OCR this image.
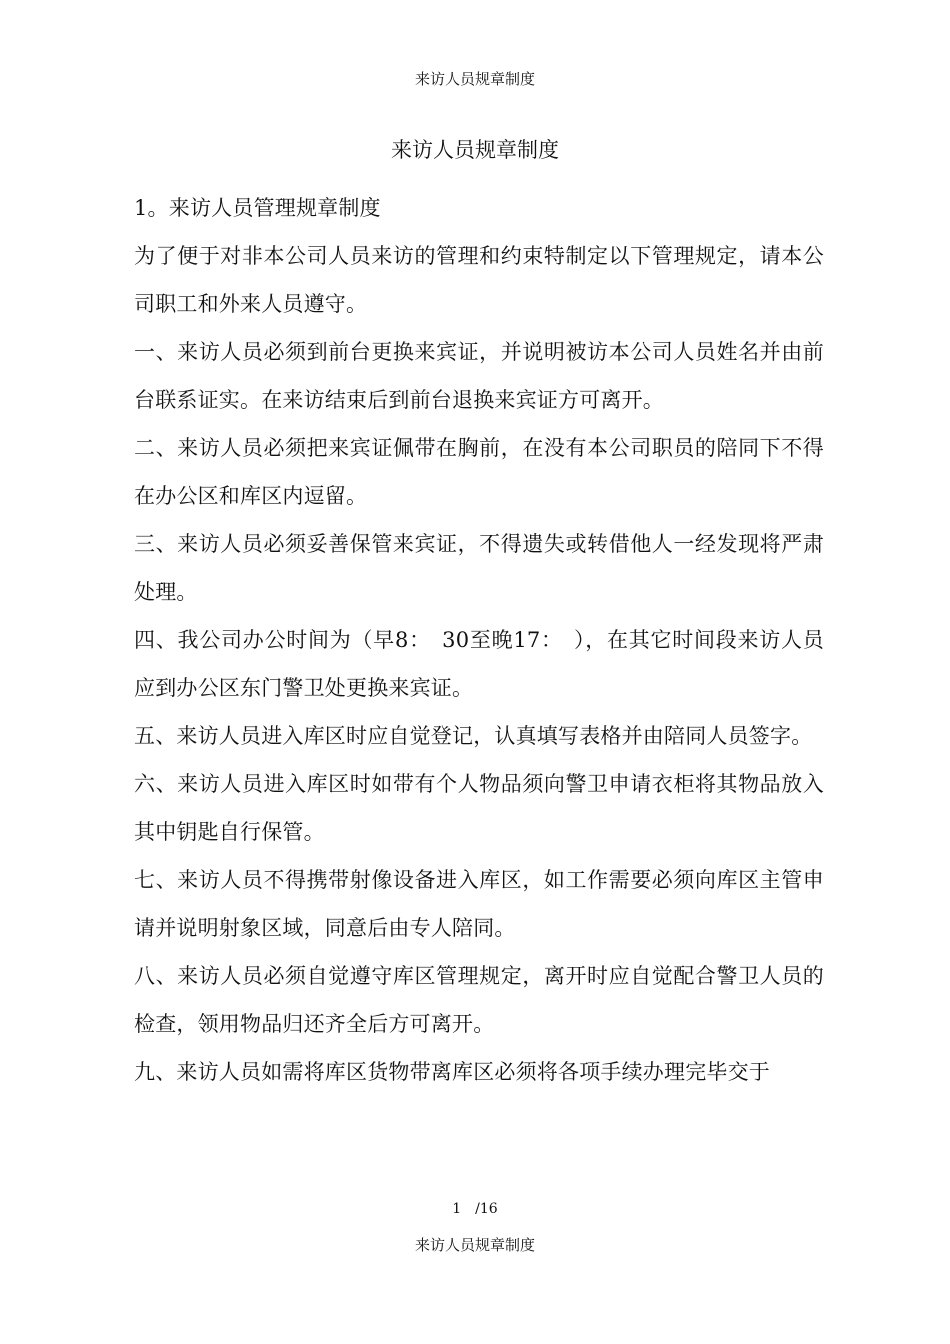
来访人员规章制度
来访人员规章制度

1。来访人员管理规章制度

为了便于对非本公司人员来访的管理和约束特制定以下管理规定，请本公司职工和外来人员遵守。

一、来访人员必须到前台更换来宾证，并说明被访本公司人员姓名并由前台联系证实。在来访结束后到前台退换来宾证方可离开。

二、来访人员必须把来宾证佩带在胸前，在没有本公司职员的陪同下不得在办公区和库区内逗留。

三、来访人员必须妥善保管来宾证，不得遗失或转借他人一经发现将严肃处理。

四、我公司办公时间为（早8：　30至晚17：　），在其它时间段来访人员应到办公区东门警卫处更换来宾证。

五、来访人员进入库区时应自觉登记，认真填写表格并由陪同人员签字。

六、来访人员进入库区时如带有个人物品须向警卫申请衣柜将其物品放入其中钥匙自行保管。

七、来访人员不得携带射像设备进入库区，如工作需要必须向库区主管申请并说明射象区域，同意后由专人陪同。

八、来访人员必须自觉遵守库区管理规定，离开时应自觉配合警卫人员的检查，领用物品归还齐全后方可离开。

九、来访人员如需将库区货物带离库区必须将各项手续办理完毕交于

1　/16
来访人员规章制度
